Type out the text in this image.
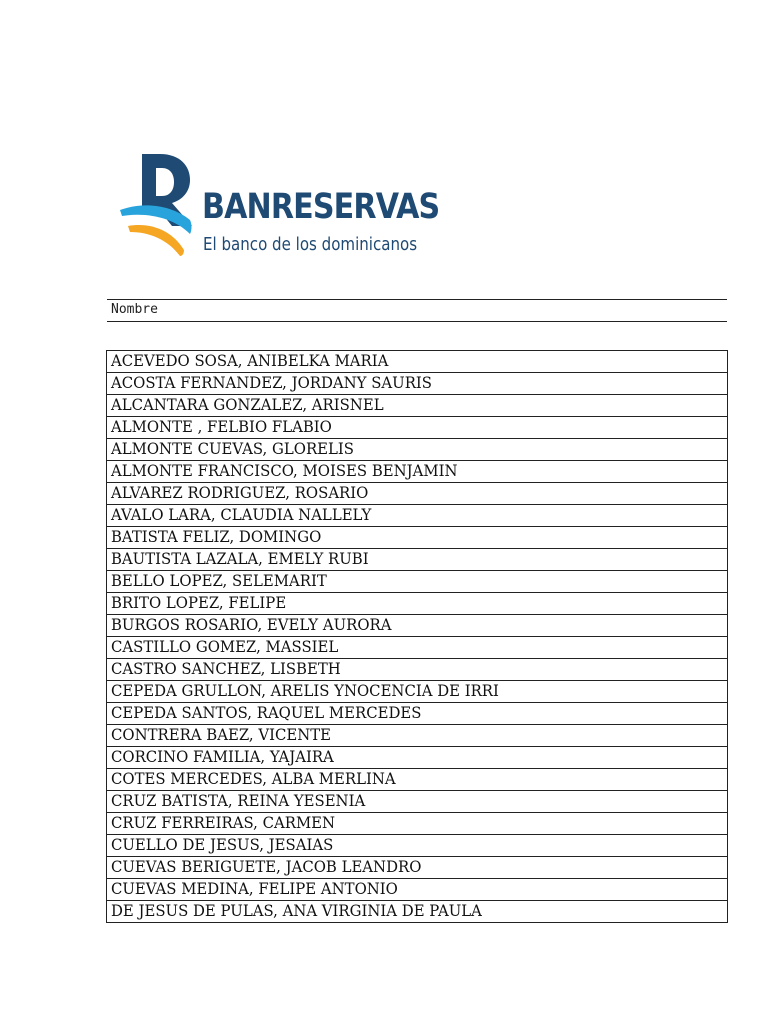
BANRESERVAS
El banco de los dominicanos
Nombre
ACEVEDO SOSA, ANIBELKA MARIA
ACOSTA FERNANDEZ, JORDANY SAURIS
ALCANTARA GONZALEZ, ARISNEL
ALMONTE , FELBIO FLABIO
ALMONTE CUEVAS, GLORELIS
ALMONTE FRANCISCO, MOISES BENJAMIN
ALVAREZ RODRIGUEZ, ROSARIO
AVALO LARA, CLAUDIA NALLELY
BATISTA FELIZ, DOMINGO
BAUTISTA LAZALA, EMELY RUBI
BELLO LOPEZ, SELEMARIT
BRITO LOPEZ, FELIPE
BURGOS ROSARIO, EVELY AURORA
CASTILLO GOMEZ, MASSIEL
CASTRO SANCHEZ, LISBETH
CEPEDA GRULLON, ARELIS YNOCENCIA DE IRRI
CEPEDA SANTOS, RAQUEL MERCEDES
CONTRERA BAEZ, VICENTE
CORCINO FAMILIA, YAJAIRA
COTES MERCEDES, ALBA MERLINA
CRUZ BATISTA, REINA YESENIA
CRUZ FERREIRAS, CARMEN
CUELLO DE JESUS, JESAIAS
CUEVAS BERIGUETE, JACOB LEANDRO
CUEVAS MEDINA, FELIPE ANTONIO
DE JESUS DE PULAS, ANA VIRGINIA DE PAULA
